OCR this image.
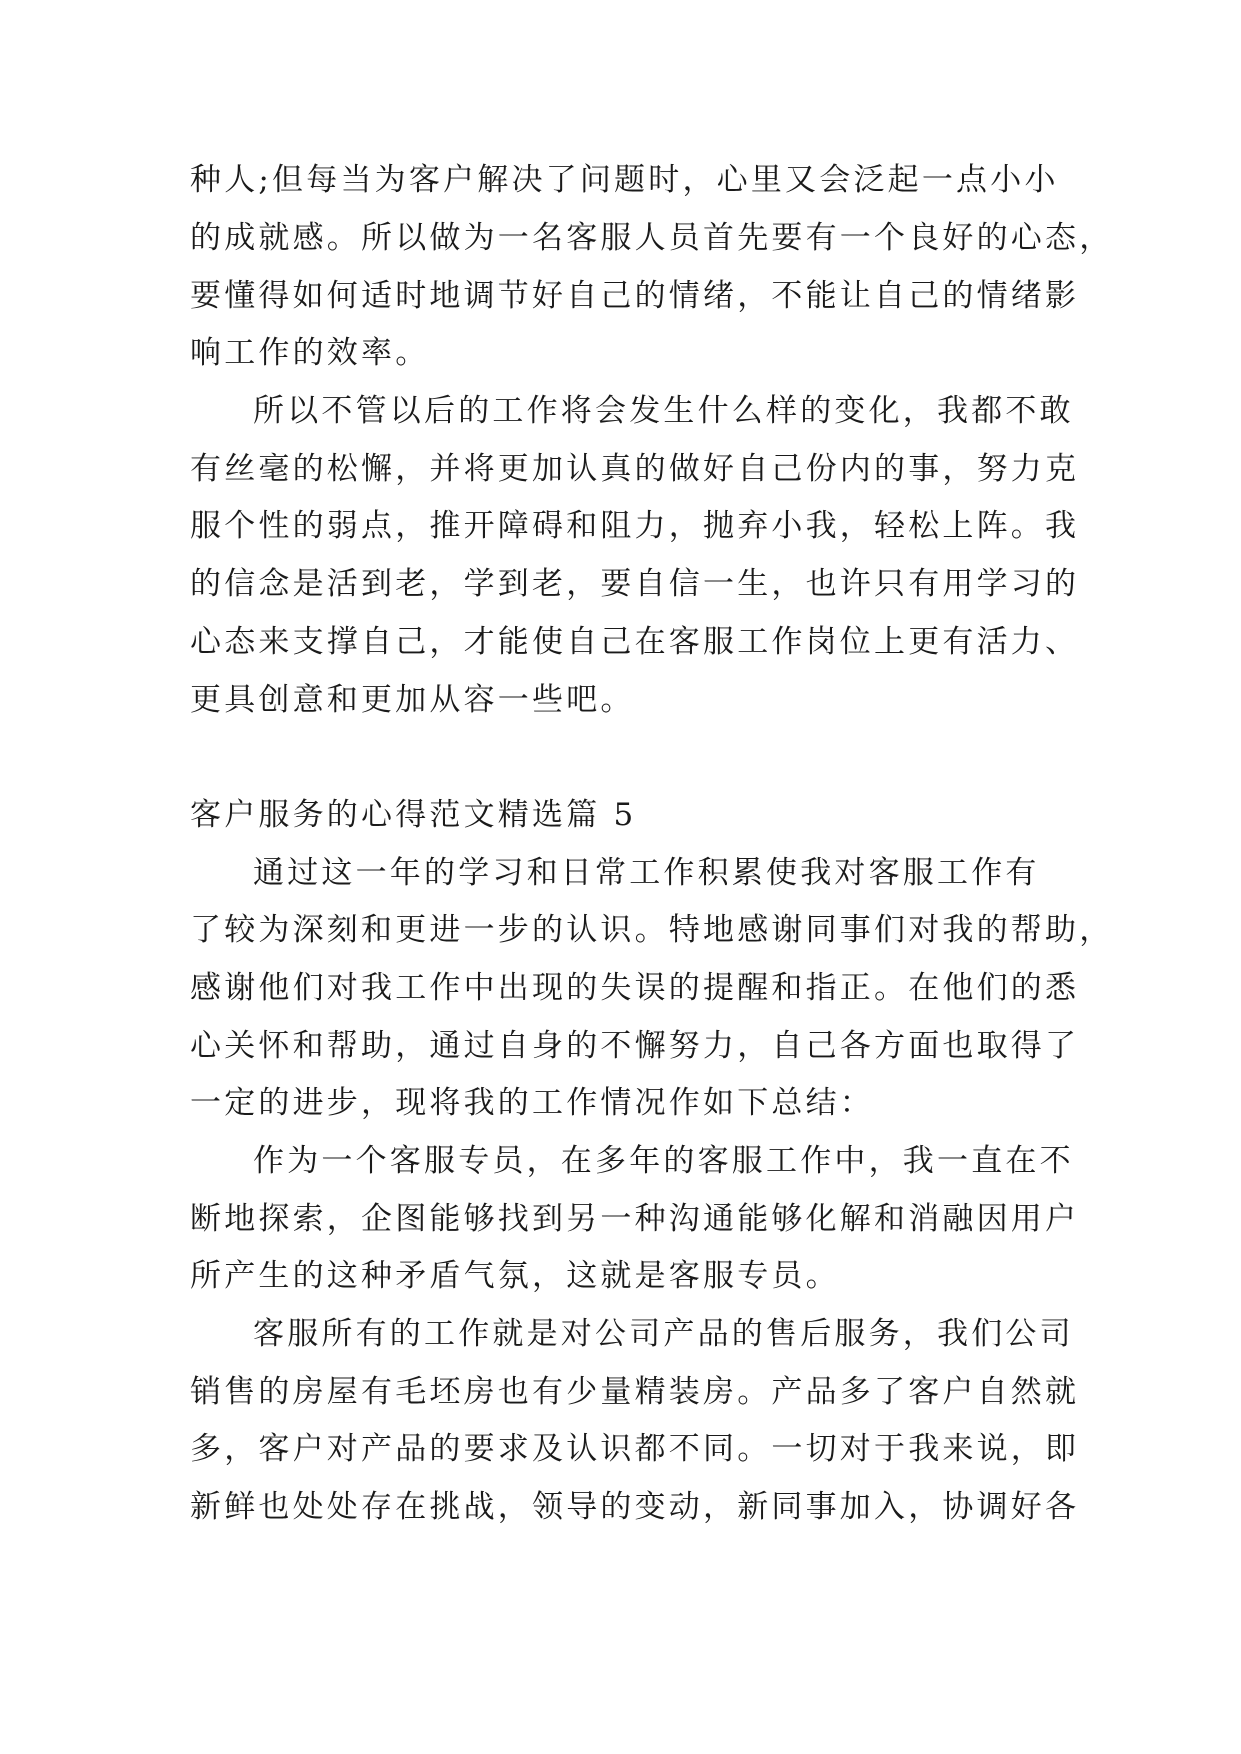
种人;但每当为客户解决了问题时，心里又会泛起一点小小

的成就感。所以做为一名客服人员首先要有一个良好的心态，

要懂得如何适时地调节好自己的情绪，不能让自己的情绪影

响工作的效率。

所以不管以后的工作将会发生什么样的变化，我都不敢

有丝毫的松懈，并将更加认真的做好自己份内的事，努力克

服个性的弱点，推开障碍和阻力，抛弃小我，轻松上阵。我

的信念是活到老，学到老，要自信一生，也许只有用学习的

心态来支撑自己，才能使自己在客服工作岗位上更有活力、

更具创意和更加从容一些吧。

客户服务的心得范文精选篇 5

通过这一年的学习和日常工作积累使我对客服工作有

了较为深刻和更进一步的认识。特地感谢同事们对我的帮助，

感谢他们对我工作中出现的失误的提醒和指正。在他们的悉

心关怀和帮助，通过自身的不懈努力，自己各方面也取得了

一定的进步，现将我的工作情况作如下总结：

作为一个客服专员，在多年的客服工作中，我一直在不

断地探索，企图能够找到另一种沟通能够化解和消融因用户

所产生的这种矛盾气氛，这就是客服专员。

客服所有的工作就是对公司产品的售后服务，我们公司

销售的房屋有毛坯房也有少量精装房。产品多了客户自然就

多，客户对产品的要求及认识都不同。一切对于我来说，即

新鲜也处处存在挑战，领导的变动，新同事加入，协调好各
